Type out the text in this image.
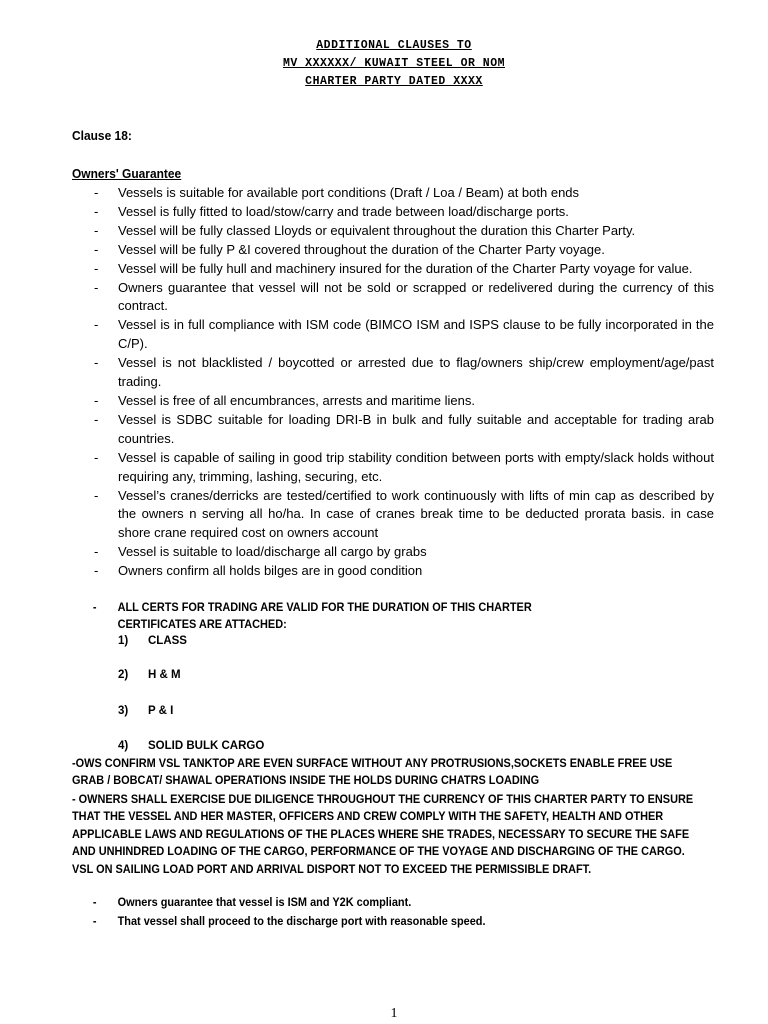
ADDITIONAL CLAUSES TO
MV XXXXXX/ KUWAIT STEEL OR NOM
CHARTER PARTY DATED XXXX
Clause 18:
Owners' Guarantee
- Vessels is suitable for available port conditions (Draft / Loa / Beam) at both ends
- Vessel is fully fitted to load/stow/carry and trade between load/discharge ports.
- Vessel will be fully classed Lloyds or equivalent throughout the duration this Charter Party.
- Vessel will be fully P &I covered throughout the duration of the Charter Party voyage.
- Vessel will be fully hull and machinery insured for the duration of the Charter Party voyage for value.
- Owners guarantee that vessel will not be sold or scrapped or redelivered during the currency of this contract.
- Vessel is in full compliance with ISM code (BIMCO ISM and ISPS clause to be fully incorporated in the C/P).
- Vessel is not blacklisted / boycotted or arrested due to flag/owners ship/crew employment/age/past trading.
- Vessel is free of all encumbrances, arrests and maritime liens.
- Vessel is SDBC suitable for loading DRI-B in bulk and fully suitable and acceptable for trading arab countries.
- Vessel is capable of sailing in good trip stability condition between ports with empty/slack holds without requiring any, trimming, lashing, securing, etc.
- Vessel’s cranes/derricks are tested/certified to work continuously with lifts of min cap as described by the owners n serving all ho/ha. In case of cranes break time to be deducted prorata basis. in case shore crane required cost on owners account
- Vessel is suitable to load/discharge all cargo by grabs
- Owners confirm all holds bilges are in good condition
- ALL CERTS FOR TRADING ARE VALID FOR THE DURATION OF THIS CHARTER
CERTIFICATES ARE ATTACHED:
1) CLASS
2) H & M
3) P & I
4) SOLID BULK CARGO
-OWS CONFIRM VSL TANKTOP ARE EVEN SURFACE WITHOUT ANY PROTRUSIONS,SOCKETS ENABLE FREE USE
GRAB / BOBCAT/ SHAWAL OPERATIONS INSIDE THE HOLDS DURING CHATRS LOADING
- OWNERS SHALL EXERCISE DUE DILIGENCE THROUGHOUT THE CURRENCY OF THIS CHARTER PARTY TO ENSURE
THAT THE VESSEL AND HER MASTER, OFFICERS AND CREW COMPLY WITH THE SAFETY, HEALTH AND OTHER
APPLICABLE LAWS AND REGULATIONS OF THE PLACES WHERE SHE TRADES, NECESSARY TO SECURE THE SAFE
AND UNHINDRED LOADING OF THE CARGO, PERFORMANCE OF THE VOYAGE AND DISCHARGING OF THE CARGO.
VSL ON SAILING LOAD PORT AND ARRIVAL DISPORT NOT TO EXCEED THE PERMISSIBLE DRAFT.
- Owners guarantee that vessel is ISM and Y2K compliant.
- That vessel shall proceed to the discharge port with reasonable speed.
1
